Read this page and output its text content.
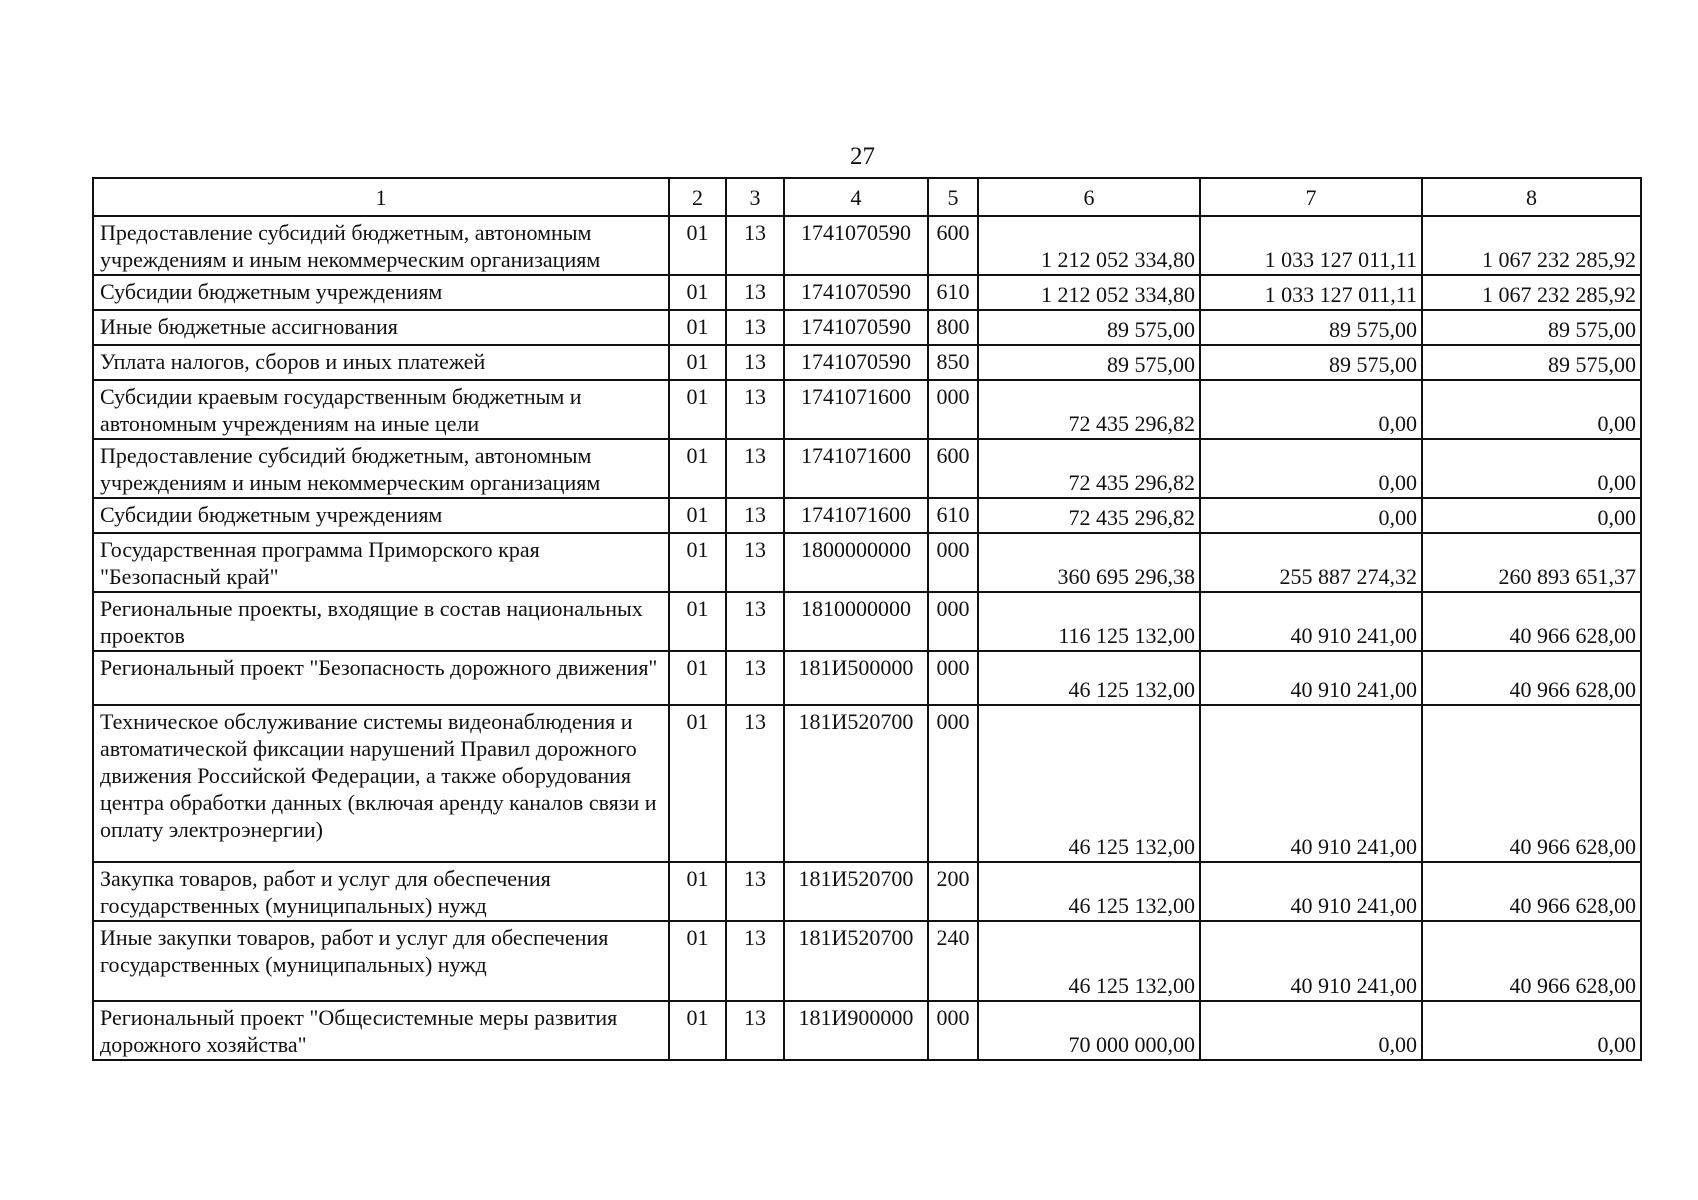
27
1	2	3	4	5	6	7	8
Предоставление субсидий бюджетным, автономным учреждениям и иным некоммерческим организациям	01	13	1741070590	600	1 212 052 334,80	1 033 127 011,11	1 067 232 285,92
Субсидии бюджетным учреждениям	01	13	1741070590	610	1 212 052 334,80	1 033 127 011,11	1 067 232 285,92
Иные бюджетные ассигнования	01	13	1741070590	800	89 575,00	89 575,00	89 575,00
Уплата налогов, сборов и иных платежей	01	13	1741070590	850	89 575,00	89 575,00	89 575,00
Субсидии краевым государственным бюджетным и автономным учреждениям на иные цели	01	13	1741071600	000	72 435 296,82	0,00	0,00
Предоставление субсидий бюджетным, автономным учреждениям и иным некоммерческим организациям	01	13	1741071600	600	72 435 296,82	0,00	0,00
Субсидии бюджетным учреждениям	01	13	1741071600	610	72 435 296,82	0,00	0,00
Государственная программа Приморского края "Безопасный край"	01	13	1800000000	000	360 695 296,38	255 887 274,32	260 893 651,37
Региональные проекты, входящие в состав национальных проектов	01	13	1810000000	000	116 125 132,00	40 910 241,00	40 966 628,00
Региональный проект "Безопасность дорожного движения"	01	13	181И500000	000	46 125 132,00	40 910 241,00	40 966 628,00
Техническое обслуживание системы видеонаблюдения и автоматической фиксации нарушений Правил дорожного движения Российской Федерации, а также оборудования центра обработки данных (включая аренду каналов связи и оплату электроэнергии)	01	13	181И520700	000	46 125 132,00	40 910 241,00	40 966 628,00
Закупка товаров, работ и услуг для обеспечения государственных (муниципальных) нужд	01	13	181И520700	200	46 125 132,00	40 910 241,00	40 966 628,00
Иные закупки товаров, работ и услуг для обеспечения государственных (муниципальных) нужд	01	13	181И520700	240	46 125 132,00	40 910 241,00	40 966 628,00
Региональный проект "Общесистемные меры развития дорожного хозяйства"	01	13	181И900000	000	70 000 000,00	0,00	0,00
